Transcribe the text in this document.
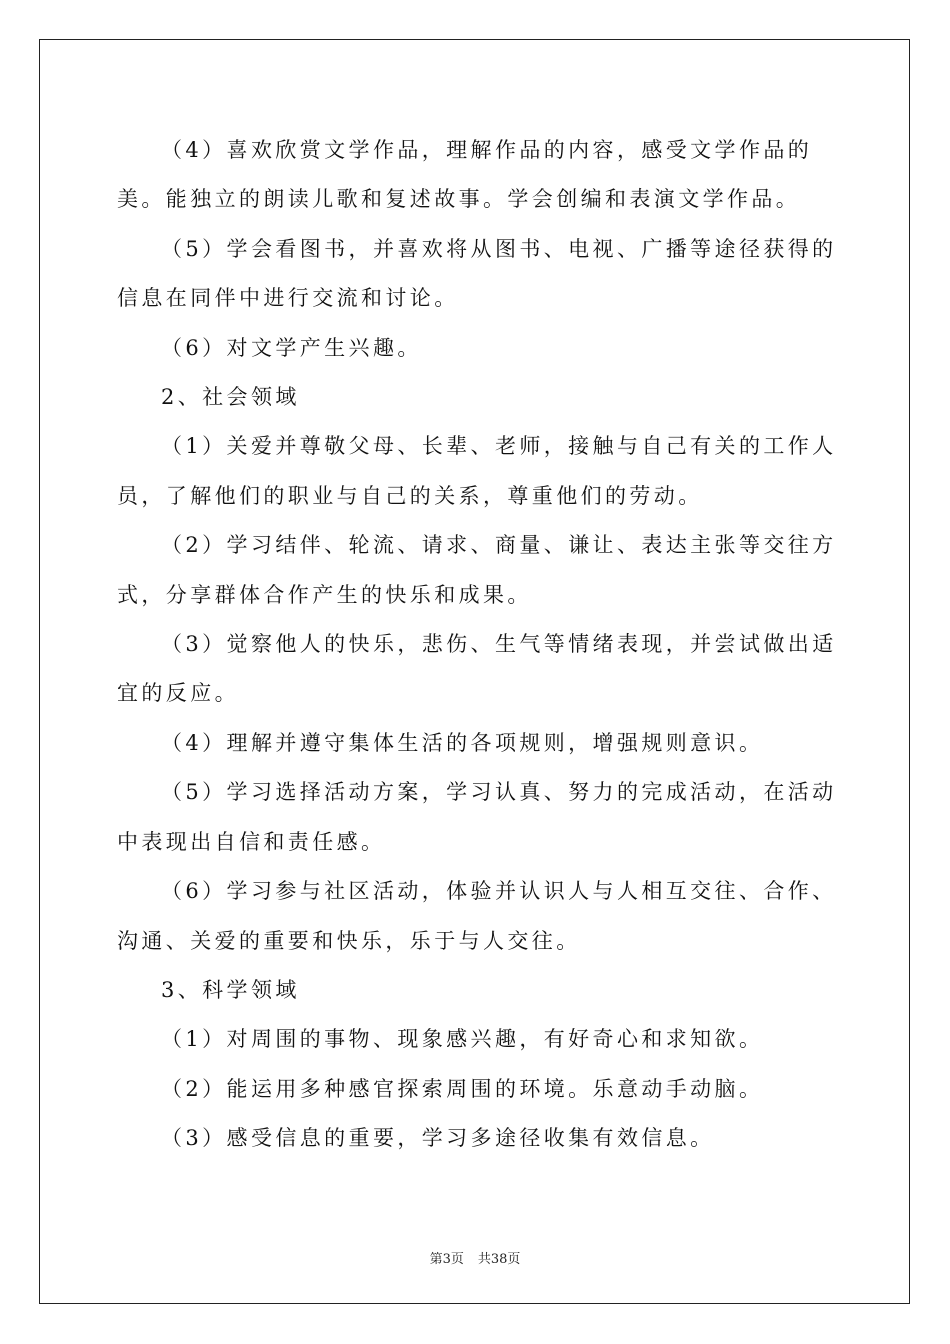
（4）喜欢欣赏文学作品，理解作品的内容，感受文学作品的美。能独立的朗读儿歌和复述故事。学会创编和表演文学作品。

（5）学会看图书，并喜欢将从图书、电视、广播等途径获得的信息在同伴中进行交流和讨论。

（6）对文学产生兴趣。

2、社会领域

（1）关爱并尊敬父母、长辈、老师，接触与自己有关的工作人员，了解他们的职业与自己的关系，尊重他们的劳动。

（2）学习结伴、轮流、请求、商量、谦让、表达主张等交往方式，分享群体合作产生的快乐和成果。

（3）觉察他人的快乐，悲伤、生气等情绪表现，并尝试做出适宜的反应。

（4）理解并遵守集体生活的各项规则，增强规则意识。

（5）学习选择活动方案，学习认真、努力的完成活动，在活动中表现出自信和责任感。

（6）学习参与社区活动，体验并认识人与人相互交往、合作、沟通、关爱的重要和快乐，乐于与人交往。

3、科学领域

（1）对周围的事物、现象感兴趣，有好奇心和求知欲。

（2）能运用多种感官探索周围的环境。乐意动手动脑。

（3）感受信息的重要，学习多途径收集有效信息。

第3页 共38页
